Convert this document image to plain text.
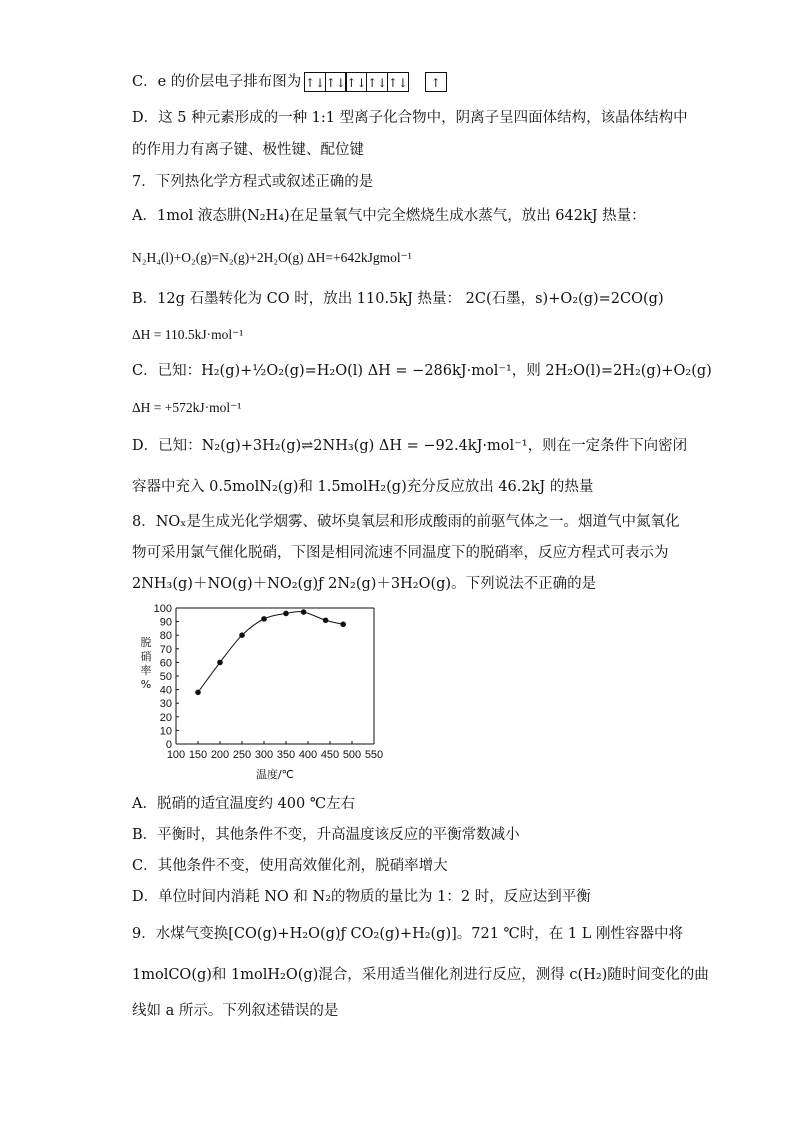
C．e 的价层电子排布图为 ↑↓↑↓↑↓↑↓↑↓ ↑
D．这 5 种元素形成的一种 1:1 型离子化合物中，阴离子呈四面体结构，该晶体结构中
的作用力有离子键、极性键、配位键
7．下列热化学方程式或叙述正确的是
A．1mol 液态肼(N₂H₄)在足量氧气中完全燃烧生成水蒸气，放出 642kJ 热量：
N₂H₄(l)+O₂(g)=N₂(g)+2H₂O(g) ΔH=+642kJgmol⁻¹
B．12g 石墨转化为 CO 时，放出 110.5kJ 热量： 2C(石墨，s)+O₂(g)=2CO(g)
ΔH = 110.5kJ·mol⁻¹
C．已知：H₂(g)+½O₂(g)=H₂O(l) ΔH = −286kJ·mol⁻¹，则 2H₂O(l)=2H₂(g)+O₂(g)
ΔH = +572kJ·mol⁻¹
D．已知：N₂(g)+3H₂(g)⇌2NH₃(g) ΔH = −92.4kJ·mol⁻¹，则在一定条件下向密闭
容器中充入 0.5molN₂(g)和 1.5molH₂(g)充分反应放出 46.2kJ 的热量
8．NOₓ是生成光化学烟雾、破坏臭氧层和形成酸雨的前驱气体之一。烟道气中氮氧化
物可采用氯气催化脱硝，下图是相同流速不同温度下的脱硝率，反应方程式可表示为
2NH₃(g)＋NO(g)＋NO₂(g)ƒ 2N₂(g)＋3H₂O(g)。下列说法不正确的是
100 150 200 250 300 350 400 450 500 550
0
10
20
30
40
50
60
70
80
90
100
脱
硝
率
%
温度/℃
A．脱硝的适宜温度约 400 ℃左右
B．平衡时，其他条件不变，升高温度该反应的平衡常数减小
C．其他条件不变，使用高效催化剂，脱硝率增大
D．单位时间内消耗 NO 和 N₂的物质的量比为 1：2 时，反应达到平衡
9．水煤气变换[CO(g)+H₂O(g)ƒ CO₂(g)+H₂(g)]。721 ℃时，在 1 L 刚性容器中将
1molCO(g)和 1molH₂O(g)混合，采用适当催化剂进行反应，测得 c(H₂)随时间变化的曲
线如 a 所示。下列叙述错误的是
